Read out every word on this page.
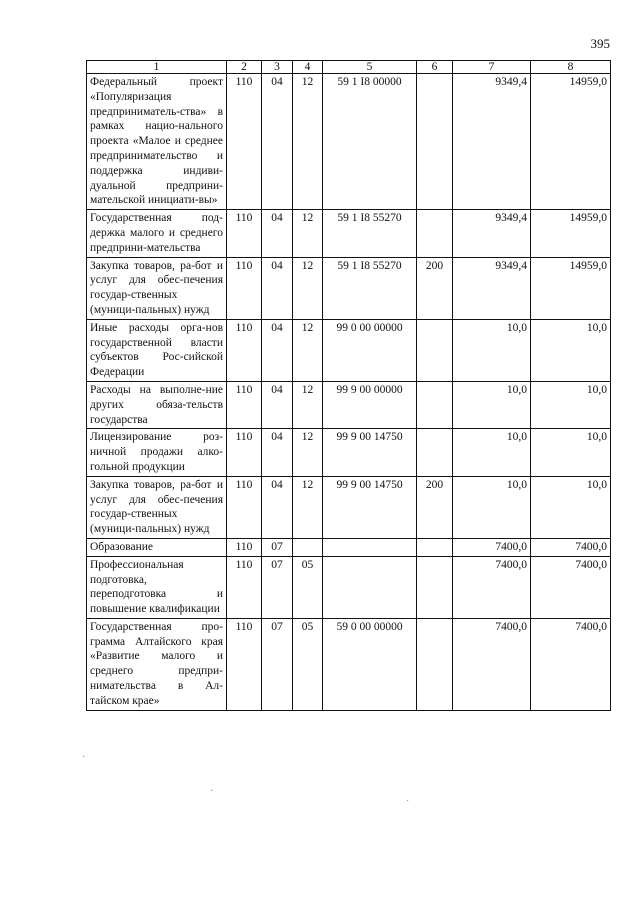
395
1	2	3	4	5	6	7	8
Федеральный проект «Популяризация предприниматель-ства» в рамках нацио-нального проекта «Малое и среднее предпринимательство и поддержка индиви-дуальной предприни-мательской инициати-вы»	110	04	12	59 1 I8 00000		9349,4	14959,0
Государственная под-держка малого и среднего предприни-мательства	110	04	12	59 1 I8 55270		9349,4	14959,0
Закупка товаров, ра-бот и услуг для обес-печения государ-ственных (муници-пальных) нужд	110	04	12	59 1 I8 55270	200	9349,4	14959,0
Иные расходы орга-нов государственной власти субъектов Рос-сийской Федерации	110	04	12	99 0 00 00000		10,0	10,0
Расходы на выполне-ние других обяза-тельств государства	110	04	12	99 9 00 00000		10,0	10,0
Лицензирование роз-ничной продажи алко-гольной продукции	110	04	12	99 9 00 14750		10,0	10,0
Закупка товаров, ра-бот и услуг для обес-печения государ-ственных (муници-пальных) нужд	110	04	12	99 9 00 14750	200	10,0	10,0
Образование	110	07				7400,0	7400,0
Профессиональная подготовка, переподготовка и повышение квалификации	110	07	05			7400,0	7400,0
Государственная про-грамма Алтайского края «Развитие малого и среднего предпри-нимательства в Ал-тайском крае»	110	07	05	59 0 00 00000		7400,0	7400,0
·
·
·
